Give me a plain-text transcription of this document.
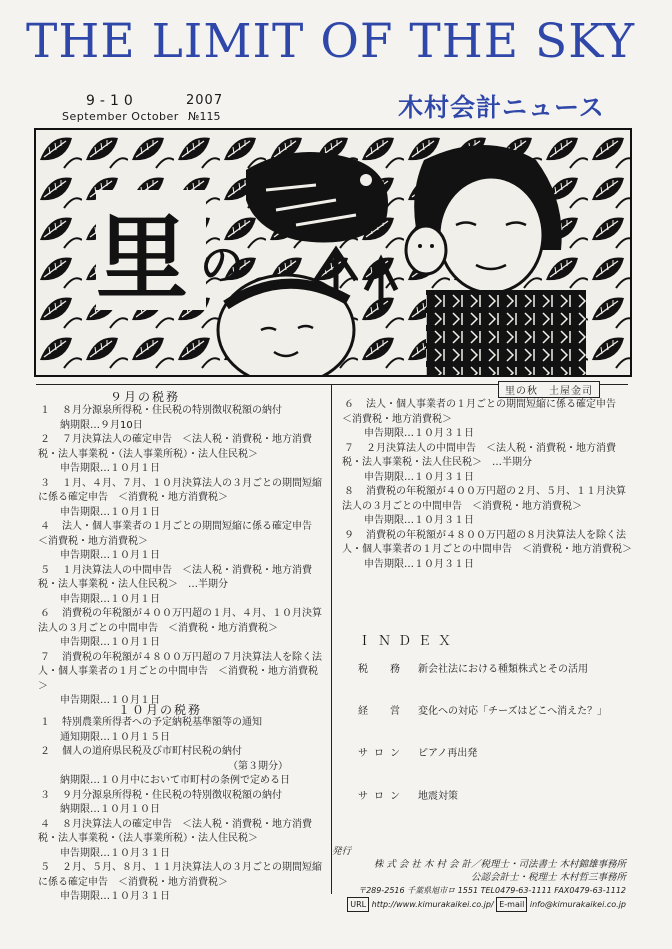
THE LIMIT OF THE SKY
9-10	2007
September October №115	木村会計ニュース
里 の
９月の税務	里の秋　土屋金司
１ ８月分源泉所得税・住民税の特別徴収税額の納付
納期限…９月10日
２ ７月決算法人の確定申告　＜法人税・消費税・地方消費税・法人事業税・（法人事業所税）・法人住民税＞
申告期限…１０月１日
３ １月、４月、７月、１０月決算法人の３月ごとの期間短縮に係る確定申告　＜消費税・地方消費税＞
申告期限…１０月１日
４ 法人・個人事業者の１月ごとの期間短縮に係る確定申告　＜消費税・地方消費税＞
申告期限…１０月１日
５ １月決算法人の中間申告　＜法人税・消費税・地方消費税・法人事業税・法人住民税＞　…半期分
申告期限…１０月１日
６ 消費税の年税額が４００万円超の１月、４月、１０月決算法人の３月ごとの中間申告　＜消費税・地方消費税＞
申告期限…１０月１日
７ 消費税の年税額が４８００万円超の７月決算法人を除く法人・個人事業者の１月ごとの中間申告　＜消費税・地方消費税＞
申告期限…１０月１日
６ 法人・個人事業者の１月ごとの期間短縮に係る確定申告　＜消費税・地方消費税＞
申告期限…１０月３１日
７ ２月決算法人の中間申告　＜法人税・消費税・地方消費税・法人事業税・法人住民税＞　…半期分
申告期限…１０月３１日
８ 消費税の年税額が４００万円超の２月、５月、１１月決算法人の３月ごとの中間申告　＜消費税・地方消費税＞
申告期限…１０月３１日
９ 消費税の年税額が４８００万円超の８月決算法人を除く法人・個人事業者の１月ごとの中間申告　＜消費税・地方消費税＞
申告期限…１０月３１日
１０月の税務
１ 特別農業所得者への予定納税基準額等の通知
通知期限…１０月１５日
２ 個人の道府県民税及び市町村民税の納付
（第３期分）
納期限…１０月中において市町村の条例で定める日
３ ９月分源泉所得税・住民税の特別徴収税額の納付
納期限…１０月１０日
４ ８月決算法人の確定申告　＜法人税・消費税・地方消費税・法人事業税・（法人事業所税）・法人住民税＞
申告期限…１０月３１日
５ ２月、５月、８月、１１月決算法人の３月ごとの期間短縮に係る確定申告　＜消費税・地方消費税＞
申告期限…１０月３１日
ＩＮＤＥＸ
税　務 新会社法における種類株式とその活用
経　営 変化への対応「チーズはどこへ消えた？」
サロン ピアノ再出発
サロン 地震対策
発行
株 式 会 社 木 村 会 計／税理士・司法書士 木村錦雄事務所
公認会計士・税理士 木村哲三事務所
〒289-2516 千葉県旭市ロ 1551 TEL0479-63-1111 FAX0479-63-1112
URL http://www.kimurakaikei.co.jp/ E-mail info@kimurakaikei.co.jp
